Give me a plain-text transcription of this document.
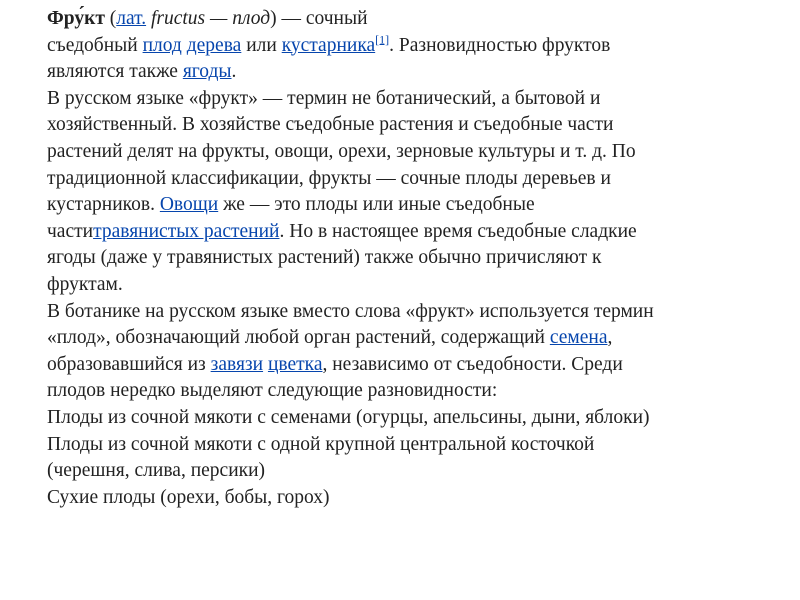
Фру́кт (лат. fructus — плод) — сочный
съедобный плод дерева или кустарника[1]. Разновидностью фруктов
являются также ягоды.
В русском языке «фрукт» — термин не ботанический, а бытовой и
хозяйственный. В хозяйстве съедобные растения и съедобные части
растений делят на фрукты, овощи, орехи, зерновые культуры и т. д. По
традиционной классификации, фрукты — сочные плоды деревьев и
кустарников. Овощи же — это плоды или иные съедобные
частитравянистых растений. Но в настоящее время съедобные сладкие
ягоды (даже у травянистых растений) также обычно причисляют к
фруктам.
В ботанике на русском языке вместо слова «фрукт» используется термин
«плод», обозначающий любой орган растений, содержащий семена,
образовавшийся из завязи цветка, независимо от съедобности. Среди
плодов нередко выделяют следующие разновидности:
Плоды из сочной мякоти с семенами (огурцы, апельсины, дыни, яблоки)
Плоды из сочной мякоти с одной крупной центральной косточкой
(черешня, слива, персики)
Сухие плоды (орехи, бобы, горох)
